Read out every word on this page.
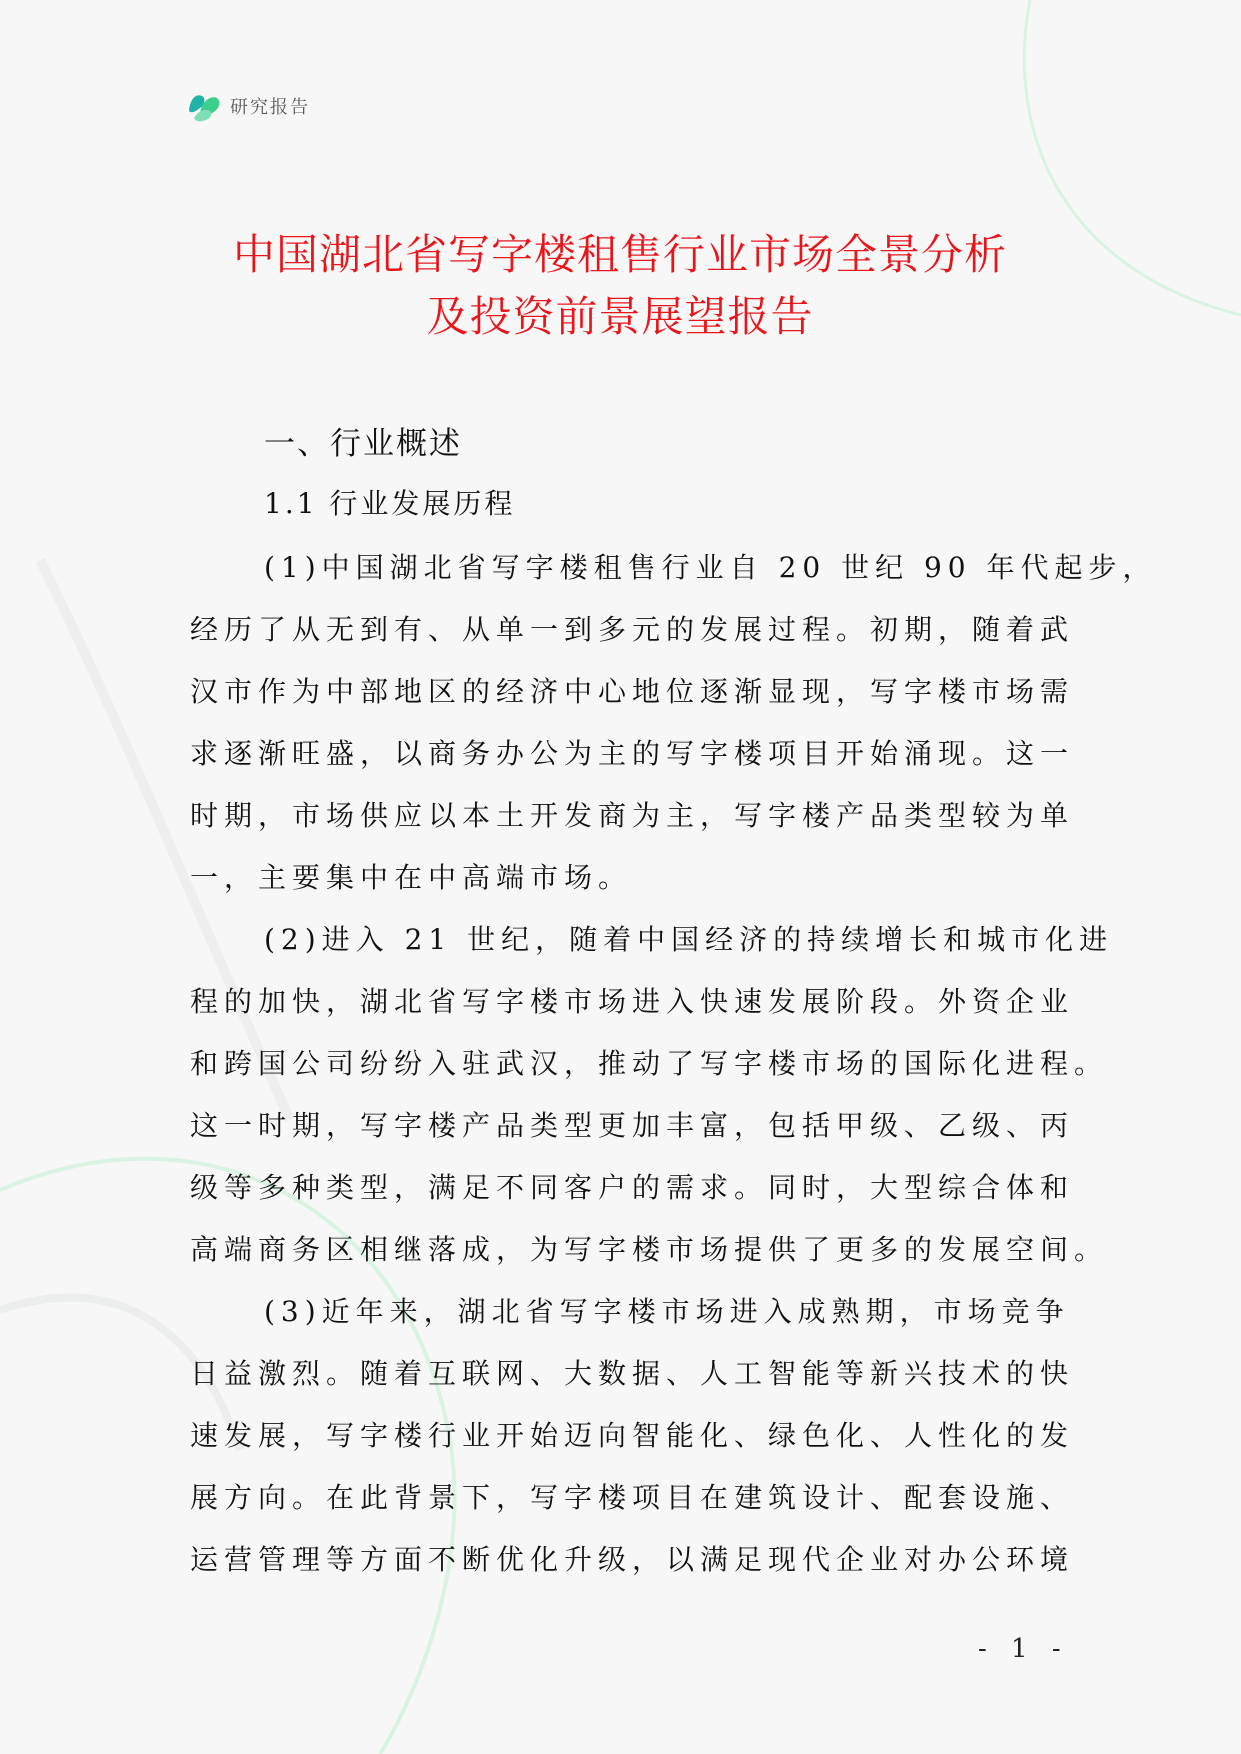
研究报告
中国湖北省写字楼租售行业市场全景分析
及投资前景展望报告
一、行业概述
1.1 行业发展历程
(1)中国湖北省写字楼租售行业自 20 世纪 90 年代起步，
经历了从无到有、从单一到多元的发展过程。初期，随着武
汉市作为中部地区的经济中心地位逐渐显现，写字楼市场需
求逐渐旺盛，以商务办公为主的写字楼项目开始涌现。这一
时期，市场供应以本土开发商为主，写字楼产品类型较为单
一，主要集中在中高端市场。
(2)进入 21 世纪，随着中国经济的持续增长和城市化进
程的加快，湖北省写字楼市场进入快速发展阶段。外资企业
和跨国公司纷纷入驻武汉，推动了写字楼市场的国际化进程。
这一时期，写字楼产品类型更加丰富，包括甲级、乙级、丙
级等多种类型，满足不同客户的需求。同时，大型综合体和
高端商务区相继落成，为写字楼市场提供了更多的发展空间。
(3)近年来，湖北省写字楼市场进入成熟期，市场竞争
日益激烈。随着互联网、大数据、人工智能等新兴技术的快
速发展，写字楼行业开始迈向智能化、绿色化、人性化的发
展方向。在此背景下，写字楼项目在建筑设计、配套设施、
运营管理等方面不断优化升级，以满足现代企业对办公环境
- 1 -
